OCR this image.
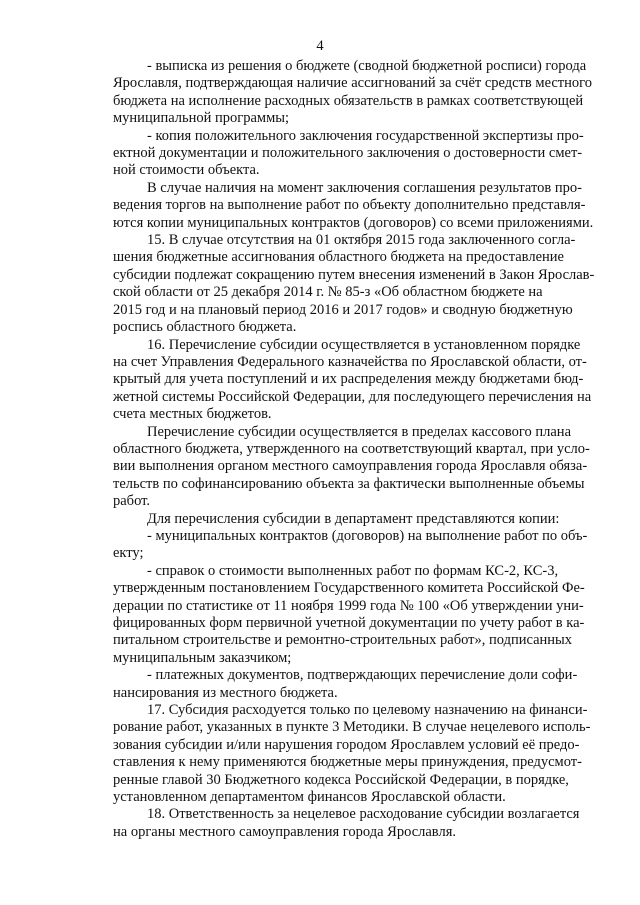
4
- выписка из решения о бюджете (сводной бюджетной росписи) города
Ярославля, подтверждающая наличие ассигнований за счёт средств местного
бюджета на исполнение расходных обязательств в рамках соответствующей
муниципальной программы;
- копия положительного заключения государственной экспертизы про-
ектной документации и положительного заключения о достоверности смет-
ной стоимости объекта.
В случае наличия на момент заключения соглашения результатов про-
ведения торгов на выполнение работ по объекту дополнительно представля-
ются копии муниципальных контрактов (договоров) со всеми приложениями.
15. В случае отсутствия на 01 октября 2015 года заключенного согла-
шения бюджетные ассигнования областного бюджета на предоставление
субсидии подлежат сокращению путем внесения изменений в Закон Ярослав-
ской области от 25 декабря 2014 г. № 85-з «Об областном бюджете на
2015 год и на плановый период 2016 и 2017 годов» и сводную бюджетную
роспись областного бюджета.
16. Перечисление субсидии осуществляется в установленном порядке
на счет Управления Федерального казначейства по Ярославской области, от-
крытый для учета поступлений и их распределения между бюджетами бюд-
жетной системы Российской Федерации, для последующего перечисления на
счета местных бюджетов.
Перечисление субсидии осуществляется в пределах кассового плана
областного бюджета, утвержденного на соответствующий квартал, при усло-
вии выполнения органом местного самоуправления города Ярославля обяза-
тельств по софинансированию объекта за фактически выполненные объемы
работ.
Для перечисления субсидии в департамент представляются копии:
- муниципальных контрактов (договоров) на выполнение работ по объ-
екту;
- справок о стоимости выполненных работ по формам КС-2, КС-3,
утвержденным постановлением Государственного комитета Российской Фе-
дерации по статистике от 11 ноября 1999 года № 100 «Об утверждении уни-
фицированных форм первичной учетной документации по учету работ в ка-
питальном строительстве и ремонтно-строительных работ», подписанных
муниципальным заказчиком;
- платежных документов, подтверждающих перечисление доли софи-
нансирования из местного бюджета.
17. Субсидия расходуется только по целевому назначению на финанси-
рование работ, указанных в пункте 3 Методики. В случае нецелевого исполь-
зования субсидии и/или нарушения городом Ярославлем условий её предо-
ставления к нему применяются бюджетные меры принуждения, предусмот-
ренные главой 30 Бюджетного кодекса Российской Федерации, в порядке,
установленном департаментом финансов Ярославской области.
18. Ответственность за нецелевое расходование субсидии возлагается
на органы местного самоуправления города Ярославля.
